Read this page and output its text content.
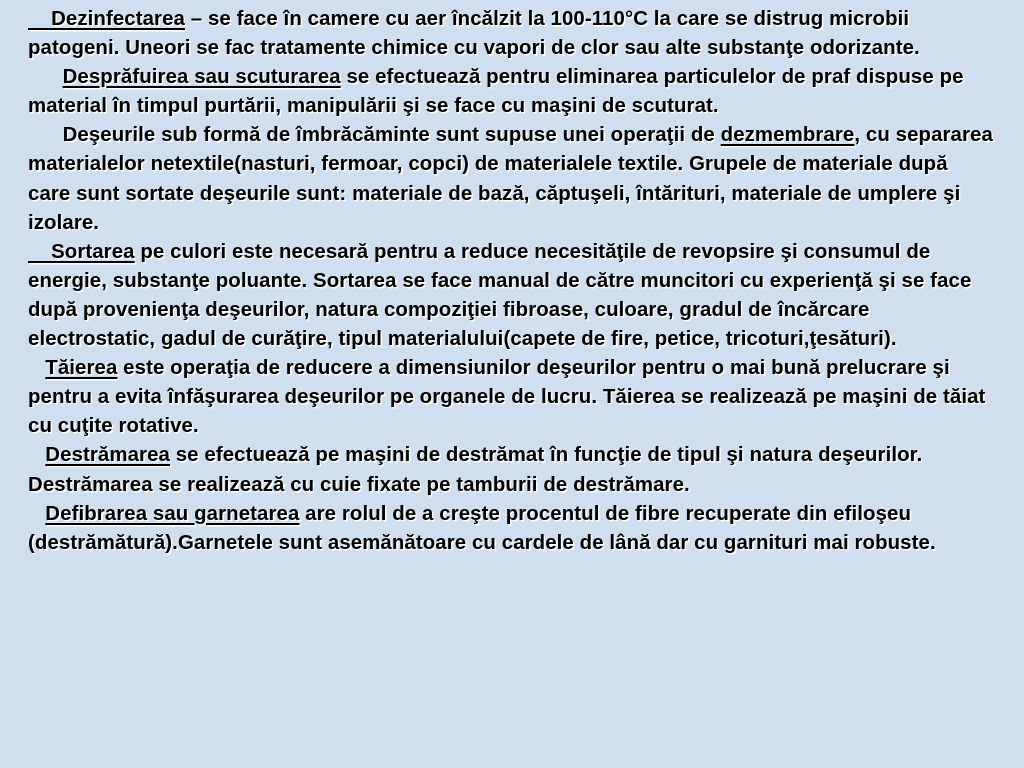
Dezinfectarea – se face în camere cu aer încălzit la 100-110°C la care se distrug microbii patogeni. Uneori se fac tratamente chimice cu vapori de clor sau alte substanţe odorizante.

Desprăfuirea sau scuturarea se efectuează pentru eliminarea particulelor de praf dispuse pe material în timpul purtării, manipulării şi se face cu maşini de scuturat.

Deşeurile sub formă de îmbrăcăminte sunt supuse unei operaţii de dezmembrare, cu separarea materialelor netextile(nasturi, fermoar, copci) de materialele textile. Grupele de materiale după care sunt sortate deşeurile sunt: materiale de bază, căptuşeli, întărituri, materiale de umplere şi izolare.

Sortarea pe culori este necesară pentru a reduce necesităţile de revopsire şi consumul de energie, substanţe poluante. Sortarea se face manual de către muncitori cu experienţă şi se face după provenienţa deşeurilor, natura compoziţiei fibroase, culoare, gradul de încărcare electrostatic, gadul de curăţire, tipul materialului(capete de fire, petice, tricoturi,ţesături).

Tăierea este operaţia de reducere a dimensiunilor deşeurilor pentru o mai bună prelucrare şi pentru a evita înfăşurarea deşeurilor pe organele de lucru. Tăierea se realizează pe maşini de tăiat cu cuţite rotative.

Destrămarea se efectuează pe maşini de destrămat în funcţie de tipul şi natura deşeurilor. Destrămarea se realizează cu cuie fixate pe tamburii de destrămare.

Defibrarea sau garnetarea are rolul de a creşte procentul de fibre recuperate din efiloşeu (destrămătură).Garnetele sunt asemănătoare cu cardele de lână dar cu garnituri mai robuste.
